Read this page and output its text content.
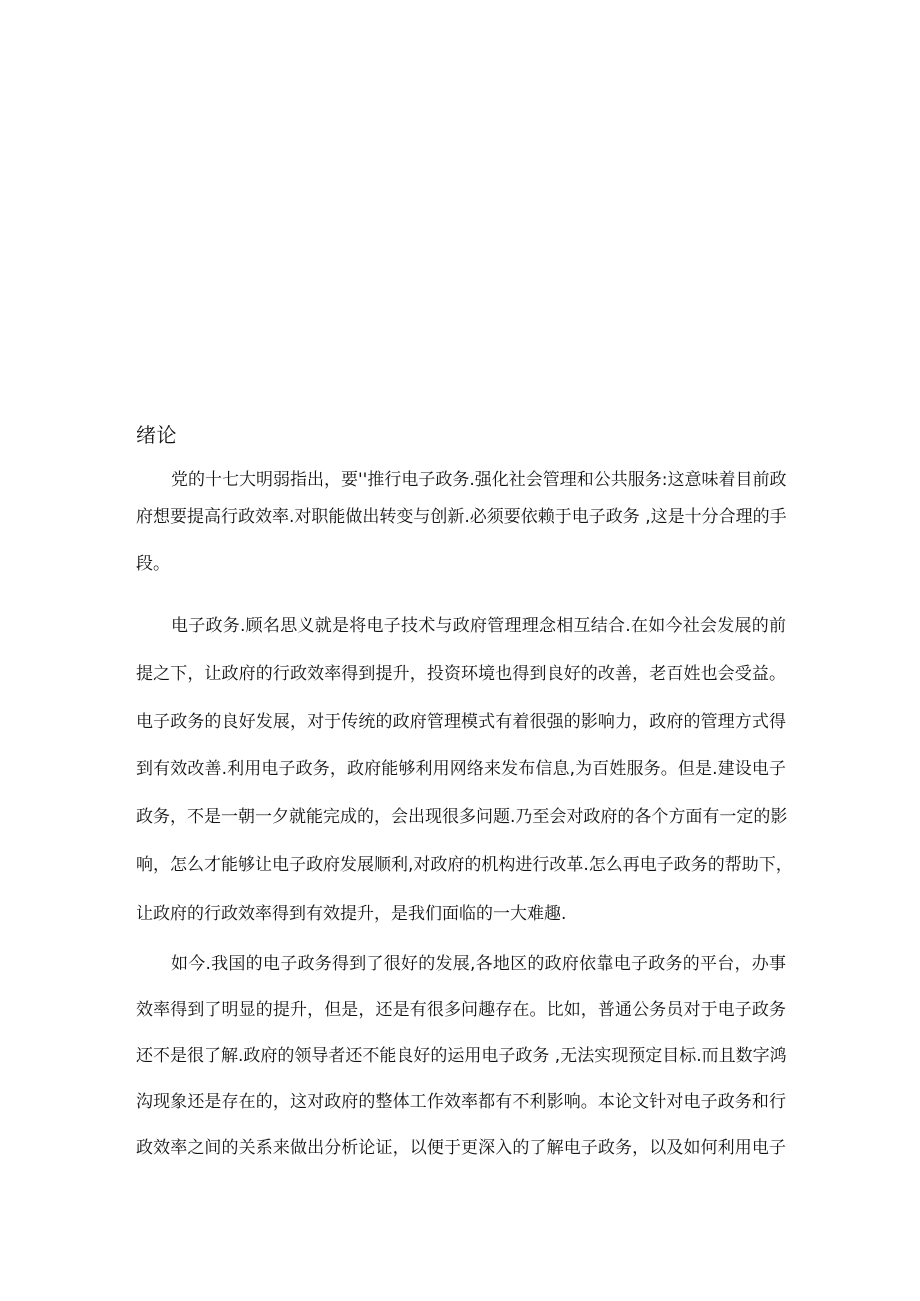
绪论
党的十七大明弱指出，要''推行电子政务.强化社会管理和公共服务:这意味着目前政
府想要提高行政效率.对职能做出转变与创新.必须要依赖于电子政务 ,这是十分合理的手
段。
电子政务.顾名思义就是将电子技术与政府管理理念相互结合.在如今社会发展的前
提之下，让政府的行政效率得到提升，投资环境也得到良好的改善，老百姓也会受益。
电子政务的良好发展，对于传统的政府管理模式有着很强的影响力，政府的管理方式得
到有效改善.利用电子政务，政府能够利用网络来发布信息,为百姓服务。但是.建设电子
政务，不是一朝一夕就能完成的，会出现很多问题.乃至会对政府的各个方面有一定的影
响，怎么才能够让电子政府发展顺利,对政府的机构进行改革.怎么再电子政务的帮助下，
让政府的行政效率得到有效提升，是我们面临的一大难趣.
如今.我国的电子政务得到了很好的发展,各地区的政府依靠电子政务的平台，办事
效率得到了明显的提升，但是，还是有很多问趣存在。比如，普通公务员对于电子政务
还不是很了解.政府的领导者还不能良好的运用电子政务 ,无法实现预定目标.而且数字鸿
沟现象还是存在的，这对政府的整体工作效率都有不利影响。本论文针对电子政务和行
政效率之间的关系来做出分析论证，以便于更深入的了解电子政务，以及如何利用电子
